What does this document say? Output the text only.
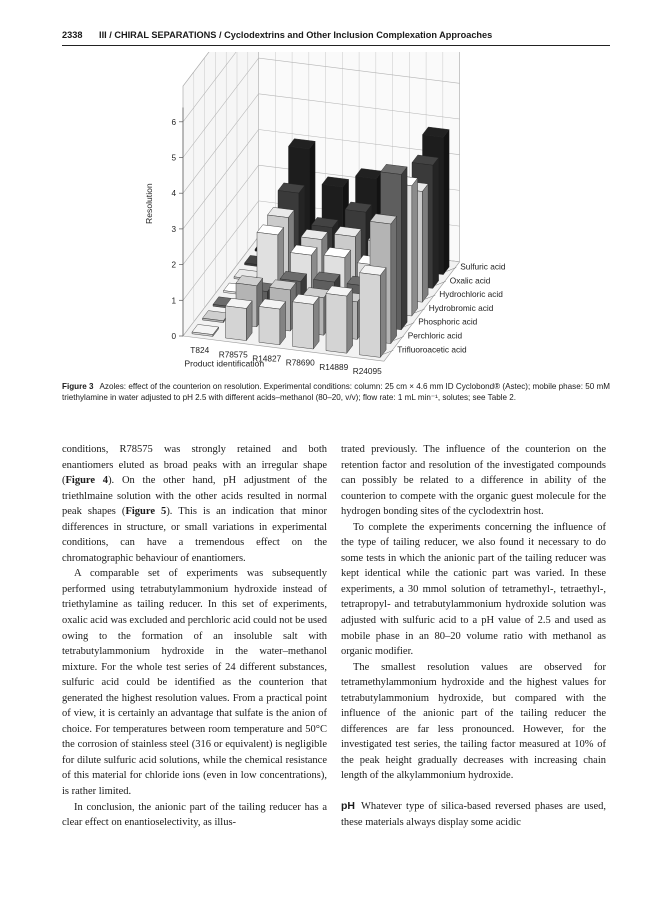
2338 III / CHIRAL SEPARATIONS / Cyclodextrins and Other Inclusion Complexation Approaches
0
1
2
3
4
5
6
Resolution
Trifluoroacetic acid
Perchloric acid
Phosphoric acid
Hydrobromic acid
Hydrochloric acid
Oxalic acid
Sulfuric acid
T824 R78575 R14827 R78690 R14889 R24095
Product identification
Figure 3 Azoles: effect of the counterion on resolution. Experimental conditions: column: 25 cm × 4.6 mm ID Cyclobond® (Astec); mobile phase: 50 mM triethylamine in water adjusted to pH 2.5 with different acids–methanol (80–20, v/v); flow rate: 1 mL min⁻¹, solutes; see Table 2.

conditions, R78575 was strongly retained and both enantiomers eluted as broad peaks with an irregular shape (Figure 4). On the other hand, pH adjustment of the triethlmaine solution with the other acids resulted in normal peak shapes (Figure 5). This is an indication that minor differences in structure, or small variations in experimental conditions, can have a tremendous effect on the chromatographic behaviour of enantiomers.

A comparable set of experiments was subsequently performed using tetrabutylammonium hydroxide instead of triethylamine as tailing reducer. In this set of experiments, oxalic acid was excluded and perchloric acid could not be used owing to the formation of an insoluble salt with tetrabutylammonium hydroxide in the water–methanol mixture. For the whole test series of 24 different substances, sulfuric acid could be identified as the counterion that generated the highest resolution values. From a practical point of view, it is certainly an advantage that sulfate is the anion of choice. For temperatures between room temperature and 50°C the corrosion of stainless steel (316 or equivalent) is negligible for dilute sulfuric acid solutions, while the chemical resistance of this material for chloride ions (even in low concentrations), is rather limited.

In conclusion, the anionic part of the tailing reducer has a clear effect on enantioselectivity, as illus-

trated previously. The influence of the counterion on the retention factor and resolution of the investigated compounds can possibly be related to a difference in ability of the counterion to compete with the organic guest molecule for the hydrogen bonding sites of the cyclodextrin host.

To complete the experiments concerning the influence of the type of tailing reducer, we also found it necessary to do some tests in which the anionic part of the tailing reducer was kept identical while the cationic part was varied. In these experiments, a 30 mmol solution of tetramethyl-, tetraethyl-, tetrapropyl- and tetrabutylammonium hydroxide solution was adjusted with sulfuric acid to a pH value of 2.5 and used as mobile phase in an 80–20 volume ratio with methanol as organic modifier.

The smallest resolution values are observed for tetramethylammonium hydroxide and the highest values for tetrabutylammonium hydroxide, but compared with the influence of the anionic part of the tailing reducer the differences are far less pronounced. However, for the investigated test series, the tailing factor measured at 10% of the peak height gradually decreases with increasing chain length of the alkylammonium hydroxide.

pH Whatever type of silica-based reversed phases are used, these materials always display some acidic
